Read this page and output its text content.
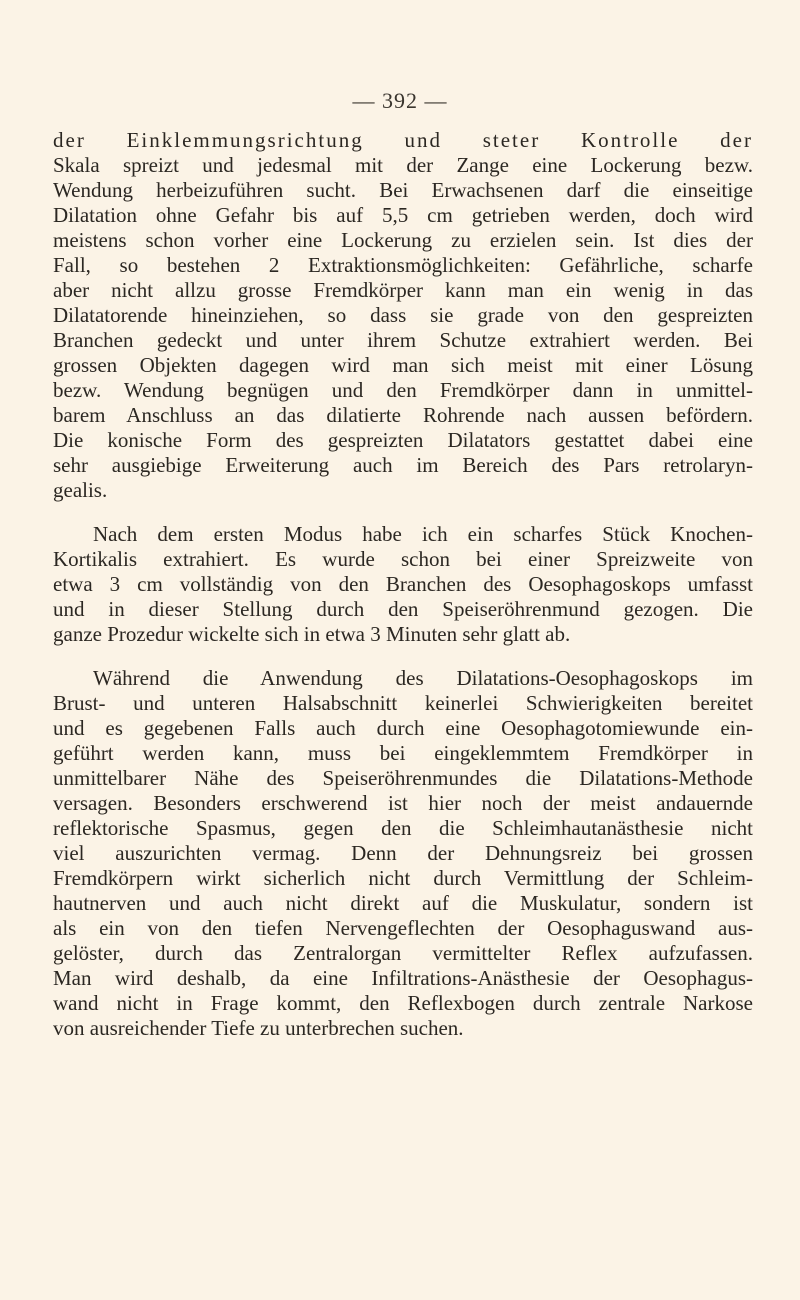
— 392 —
der Einklemmungsrichtung und steter Kontrolle der
Skala spreizt und jedesmal mit der Zange eine Lockerung bezw.
Wendung herbeizuführen sucht. Bei Erwachsenen darf die einseitige
Dilatation ohne Gefahr bis auf 5,5 cm getrieben werden, doch wird
meistens schon vorher eine Lockerung zu erzielen sein. Ist dies der
Fall, so bestehen 2 Extraktionsmöglichkeiten: Gefährliche, scharfe
aber nicht allzu grosse Fremdkörper kann man ein wenig in das
Dilatatorende hineinziehen, so dass sie grade von den gespreizten
Branchen gedeckt und unter ihrem Schutze extrahiert werden. Bei
grossen Objekten dagegen wird man sich meist mit einer Lösung
bezw. Wendung begnügen und den Fremdkörper dann in unmittel-
barem Anschluss an das dilatierte Rohrende nach aussen befördern.
Die konische Form des gespreizten Dilatators gestattet dabei eine
sehr ausgiebige Erweiterung auch im Bereich des Pars retrolaryn-
gealis.
Nach dem ersten Modus habe ich ein scharfes Stück Knochen-
Kortikalis extrahiert. Es wurde schon bei einer Spreizweite von
etwa 3 cm vollständig von den Branchen des Oesophagoskops umfasst
und in dieser Stellung durch den Speiseröhrenmund gezogen. Die
ganze Prozedur wickelte sich in etwa 3 Minuten sehr glatt ab.
Während die Anwendung des Dilatations-Oesophagoskops im
Brust- und unteren Halsabschnitt keinerlei Schwierigkeiten bereitet
und es gegebenen Falls auch durch eine Oesophagotomiewunde ein-
geführt werden kann, muss bei eingeklemmtem Fremdkörper in
unmittelbarer Nähe des Speiseröhrenmundes die Dilatations-Methode
versagen. Besonders erschwerend ist hier noch der meist andauernde
reflektorische Spasmus, gegen den die Schleimhautanästhesie nicht
viel auszurichten vermag. Denn der Dehnungsreiz bei grossen
Fremdkörpern wirkt sicherlich nicht durch Vermittlung der Schleim-
hautnerven und auch nicht direkt auf die Muskulatur, sondern ist
als ein von den tiefen Nervengeflechten der Oesophaguswand aus-
gelöster, durch das Zentralorgan vermittelter Reflex aufzufassen.
Man wird deshalb, da eine Infiltrations-Anästhesie der Oesophagus-
wand nicht in Frage kommt, den Reflexbogen durch zentrale Narkose
von ausreichender Tiefe zu unterbrechen suchen.
